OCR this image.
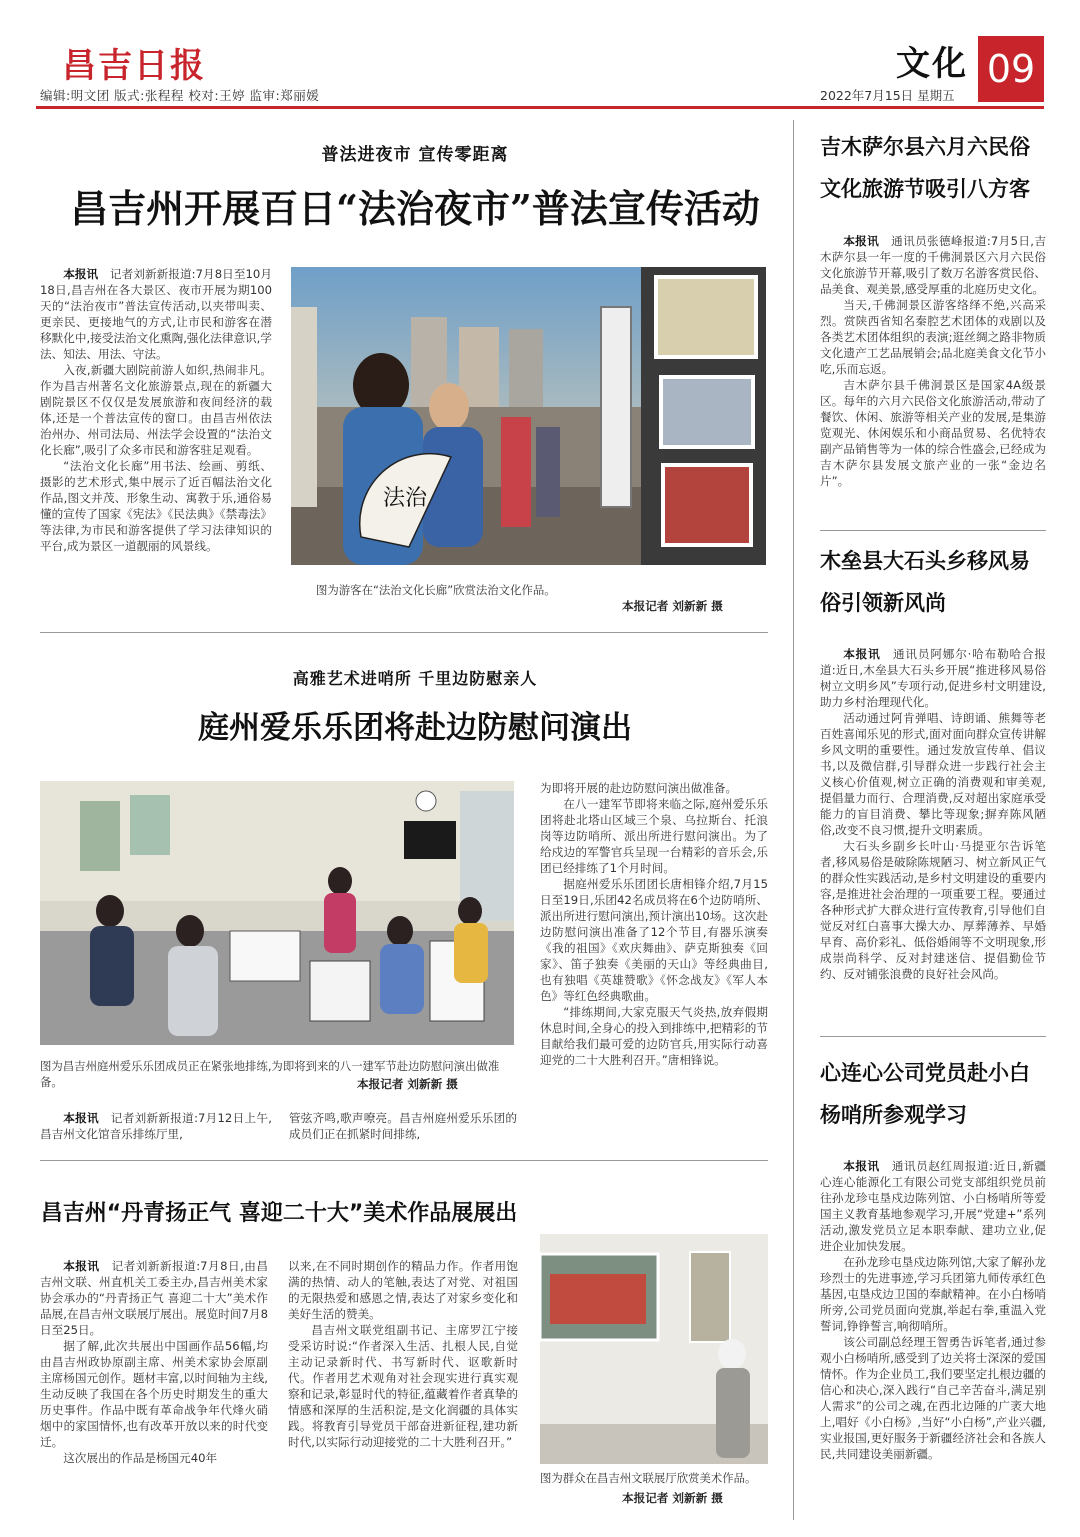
昌吉日报
编辑:明文团 版式:张程程 校对:王婷 监审:郑丽媛	2022年7月15日 星期五
文化 09
普法进夜市 宣传零距离
昌吉州开展百日“法治夜市”普法宣传活动

本报讯　 记者刘新新报道:7月8日至10月18日,昌吉州在各大景区、夜市开展为期100天的“法治夜市”普法宣传活动,以夹带叫卖、更亲民、更接地气的方式,让市民和游客在潜移默化中,接受法治文化熏陶,强化法律意识,学法、知法、用法、守法。

入夜,新疆大剧院前游人如织,热闹非凡。作为昌吉州著名文化旅游景点,现在的新疆大剧院景区不仅仅是发展旅游和夜间经济的载体,还是一个普法宣传的窗口。由昌吉州依法治州办、州司法局、州法学会设置的“法治文化长廊”,吸引了众多市民和游客驻足观看。

“法治文化长廊”用书法、绘画、剪纸、摄影的艺术形式,集中展示了近百幅法治文化作品,图文并茂、形象生动、寓教于乐,通俗易懂的宣传了国家《宪法》《民法典》《禁毒法》等法律,为市民和游客提供了学习法律知识的平台,成为景区一道靓丽的风景线。

法治
图为游客在“法治文化长廊”欣赏法治文化作品。
本报记者 刘新新 摄
高雅艺术进哨所 千里边防慰亲人
庭州爱乐乐团将赴边防慰问演出
图为昌吉州庭州爱乐乐团成员正在紧张地排练,为即将到来的八一建军节赴边防慰问演出做准备。	本报记者 刘新新 摄

本报讯　 记者刘新新报道:7月12日上午,昌吉州文化馆音乐排练厅里,

管弦齐鸣,歌声嘹亮。昌吉州庭州爱乐乐团的成员们正在抓紧时间排练,
为即将开展的赴边防慰问演出做准备。

在八一建军节即将来临之际,庭州爱乐乐团将赴北塔山区域三个泉、乌拉斯台、托浪岗等边防哨所、派出所进行慰问演出。为了给戍边的军警官兵呈现一台精彩的音乐会,乐团已经排练了1个月时间。

据庭州爱乐乐团团长唐相锋介绍,7月15日至19日,乐团42名成员将在6个边防哨所、派出所进行慰问演出,预计演出10场。这次赴边防慰问演出准备了12个节目,有器乐演奏《我的祖国》《欢庆舞曲》、萨克斯独奏《回家》、笛子独奏《美丽的天山》等经典曲目,也有独唱《英雄赞歌》《怀念战友》《军人本色》等红色经典歌曲。

“排练期间,大家克服天气炎热,放弃假期休息时间,全身心的投入到排练中,把精彩的节目献给我们最可爱的边防官兵,用实际行动喜迎党的二十大胜利召开。”唐相锋说。

昌吉州“丹青扬正气 喜迎二十大”美术作品展展出

本报讯　 记者刘新新报道:7月8日,由昌吉州文联、州直机关工委主办,昌吉州美术家协会承办的“丹青扬正气 喜迎二十大”美术作品展,在昌吉州文联展厅展出。展览时间7月8日至25日。

据了解,此次共展出中国画作品56幅,均由昌吉州政协原副主席、州美术家协会原副主席杨国元创作。题材丰富,以时间轴为主线,生动反映了我国在各个历史时期发生的重大历史事件。作品中既有革命战争年代烽火硝烟中的家国情怀,也有改革开放以来的时代变迁。

这次展出的作品是杨国元40年

以来,在不同时期创作的精品力作。作者用饱满的热情、动人的笔触,表达了对党、对祖国的无限热爱和感恩之情,表达了对家乡变化和美好生活的赞美。

昌吉州文联党组副书记、主席罗江宁接受采访时说:“作者深入生活、扎根人民,自觉主动记录新时代、书写新时代、讴歌新时代。作者用艺术观角对社会现实进行真实观察和记录,彰显时代的特征,蕴藏着作者真挚的情感和深厚的生活积淀,是文化润疆的具体实践。将教育引导党员干部奋进新征程,建功新时代,以实际行动迎接党的二十大胜利召开。”

图为群众在昌吉州文联展厅欣赏美术作品。
本报记者 刘新新 摄
吉木萨尔县六月六民俗文化旅游节吸引八方客

本报讯　 通讯员张德峰报道:7月5日,吉木萨尔县一年一度的千佛洞景区六月六民俗文化旅游节开幕,吸引了数万名游客赏民俗、品美食、观美景,感受厚重的北庭历史文化。

当天,千佛洞景区游客络绎不绝,兴高采烈。赏陕西省知名秦腔艺术团体的戏剧以及各类艺术团体组织的表演;逛丝绸之路非物质文化遗产工艺品展销会;品北庭美食文化节小吃,乐而忘返。

吉木萨尔县千佛洞景区是国家4A级景区。每年的六月六民俗文化旅游活动,带动了餐饮、休闲、旅游等相关产业的发展,是集游览观光、休闲娱乐和小商品贸易、名优特农副产品销售等为一体的综合性盛会,已经成为吉木萨尔县发展文旅产业的一张“金边名片”。

木垒县大石头乡移风易俗引领新风尚

本报讯　 通讯员阿娜尔·哈布勒哈合报道:近日,木垒县大石头乡开展“推进移风易俗 树立文明乡风”专项行动,促进乡村文明建设,助力乡村治理现代化。

活动通过阿肯弹唱、诗朗诵、熊舞等老百姓喜闻乐见的形式,面对面向群众宣传讲解乡风文明的重要性。通过发放宣传单、倡议书,以及微信群,引导群众进一步践行社会主义核心价值观,树立正确的消费观和审美观,提倡量力而行、合理消费,反对超出家庭承受能力的盲目消费、攀比等现象;摒弃陈风陋俗,改变不良习惯,提升文明素质。

大石头乡副乡长叶山·马提亚尔告诉笔者,移风易俗是破除陈规陋习、树立新风正气的群众性实践活动,是乡村文明建设的重要内容,是推进社会治理的一项重要工程。要通过各种形式扩大群众进行宣传教育,引导他们自觉反对红白喜事大操大办、厚葬薄养、早婚早育、高价彩礼、低俗婚闹等不文明现象,形成崇尚科学、反对封建迷信、提倡勤俭节约、反对铺张浪费的良好社会风尚。

心连心公司党员赴小白杨哨所参观学习

本报讯　 通讯员赵红周报道:近日,新疆心连心能源化工有限公司党支部组织党员前往孙龙珍屯垦戍边陈列馆、小白杨哨所等爱国主义教育基地参观学习,开展“党建+”系列活动,激发党员立足本职奉献、建功立业,促进企业加快发展。

在孙龙珍屯垦戍边陈列馆,大家了解孙龙珍烈士的先进事迹,学习兵团第九师传承红色基因,屯垦戍边卫国的奉献精神。在小白杨哨所旁,公司党员面向党旗,举起右拳,重温入党誓词,铮铮誓言,响彻哨所。

该公司副总经理王智勇告诉笔者,通过参观小白杨哨所,感受到了边关将士深深的爱国情怀。作为企业员工,我们要坚定扎根边疆的信心和决心,深入践行“自己辛苦奋斗,满足别人需求”的公司之魂,在西北边陲的广袤大地上,唱好《小白杨》,当好“小白杨”,产业兴疆,实业报国,更好服务于新疆经济社会和各族人民,共同建设美丽新疆。
